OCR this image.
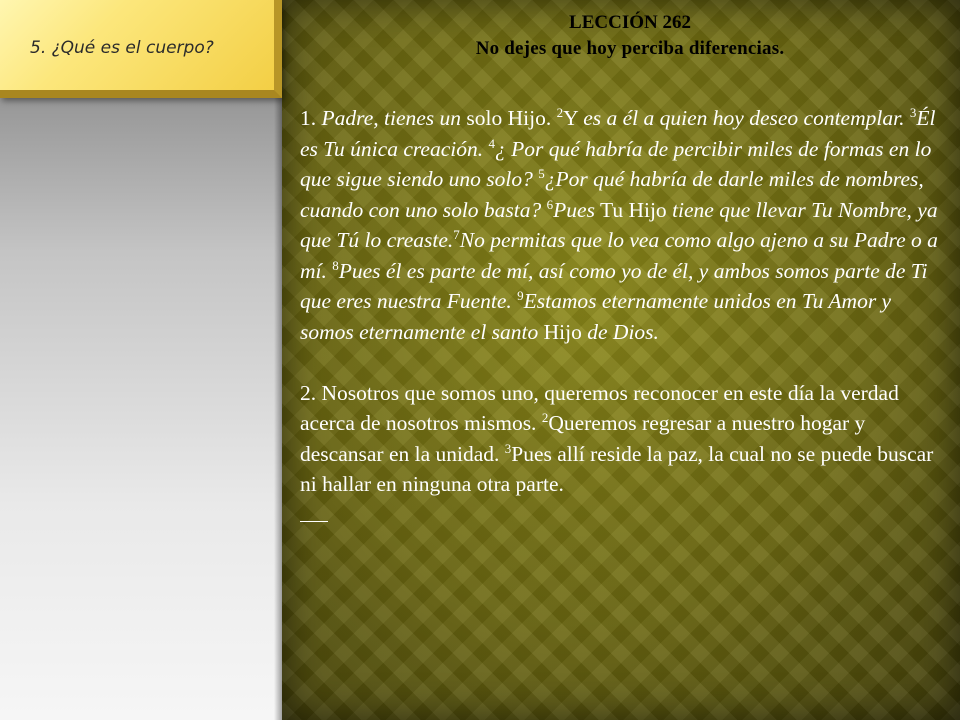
5. ¿Qué es el cuerpo?
LECCIÓN 262
No dejes que hoy perciba diferencias.

1. Padre, tienes un solo Hijo. $^2$Y es a él a quien hoy deseo contemplar. $^3$Él es Tu única creación. $^4$¿ Por qué habría de percibir miles de formas en lo que sigue siendo uno solo? $^5$¿Por qué habría de darle miles de nombres, cuando con uno solo basta? $^6$Pues Tu Hijo tiene que llevar Tu Nombre, ya que Tú lo creaste.$^7$No permitas que lo vea como algo ajeno a su Padre o a mí. $^8$Pues él es parte de mí, así como yo de él, y ambos somos parte de Ti que eres nuestra Fuente. $^9$Estamos eternamente unidos en Tu Amor y somos eternamente el santo Hijo de Dios.

2. Nosotros que somos uno, queremos reconocer en este día la verdad acerca de nosotros mismos. $^2$Queremos regresar a nuestro hogar y descansar en la unidad. $^3$Pues allí reside la paz, la cual no se puede buscar ni hallar en ninguna otra parte.
